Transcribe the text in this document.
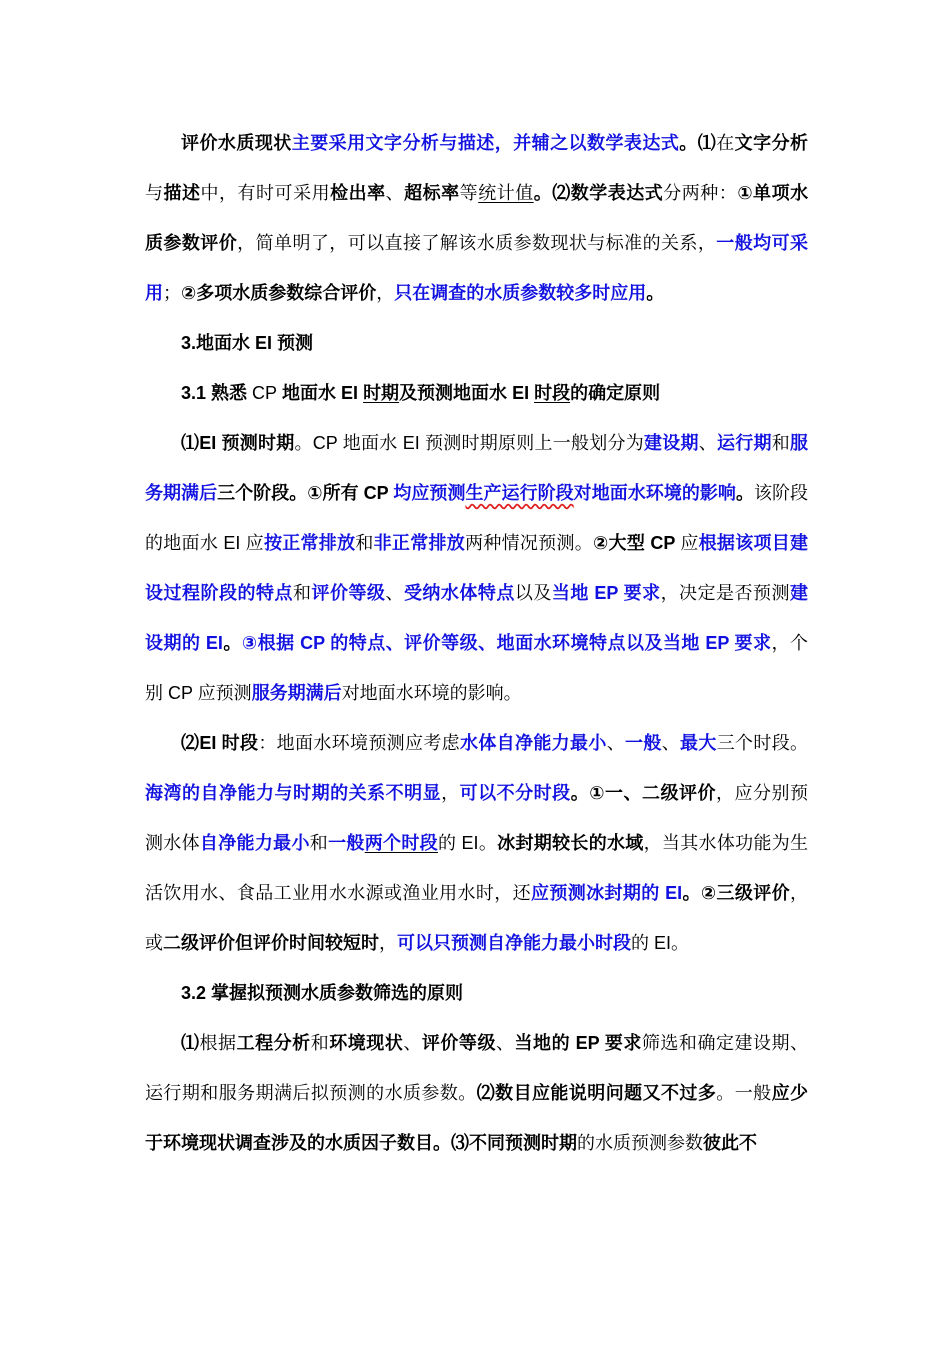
评价水质现状主要采用文字分析与描述，并辅之以数学表达式。⑴在文字分析与描述中，有时可采用检出率、超标率等统计值。⑵数学表达式分两种：①单项水质参数评价，简单明了，可以直接了解该水质参数现状与标准的关系，一般均可采用；②多项水质参数综合评价，只在调查的水质参数较多时应用。

3.地面水 EI 预测

3.1 熟悉 CP 地面水 EI 时期及预测地面水 EI 时段的确定原则

⑴EI 预测时期。CP 地面水 EI 预测时期原则上一般划分为建设期、运行期和服务期满后三个阶段。①所有 CP 均应预测生产运行阶段对地面水环境的影响。该阶段的地面水 EI 应按正常排放和非正常排放两种情况预测。②大型 CP 应根据该项目建设过程阶段的特点和评价等级、受纳水体特点以及当地 EP 要求，决定是否预测建设期的 EI。③根据 CP 的特点、评价等级、地面水环境特点以及当地 EP 要求，个别 CP 应预测服务期满后对地面水环境的影响。

⑵EI 时段：地面水环境预测应考虑水体自净能力最小、一般、最大三个时段。海湾的自净能力与时期的关系不明显，可以不分时段。①一、二级评价，应分别预测水体自净能力最小和一般两个时段的 EI。冰封期较长的水域，当其水体功能为生活饮用水、食品工业用水水源或渔业用水时，还应预测冰封期的 EI。②三级评价，或二级评价但评价时间较短时，可以只预测自净能力最小时段的 EI。

3.2 掌握拟预测水质参数筛选的原则

⑴根据工程分析和环境现状、评价等级、当地的 EP 要求筛选和确定建设期、运行期和服务期满后拟预测的水质参数。⑵数目应能说明问题又不过多。一般应少于环境现状调查涉及的水质因子数目。⑶不同预测时期的水质预测参数彼此不
